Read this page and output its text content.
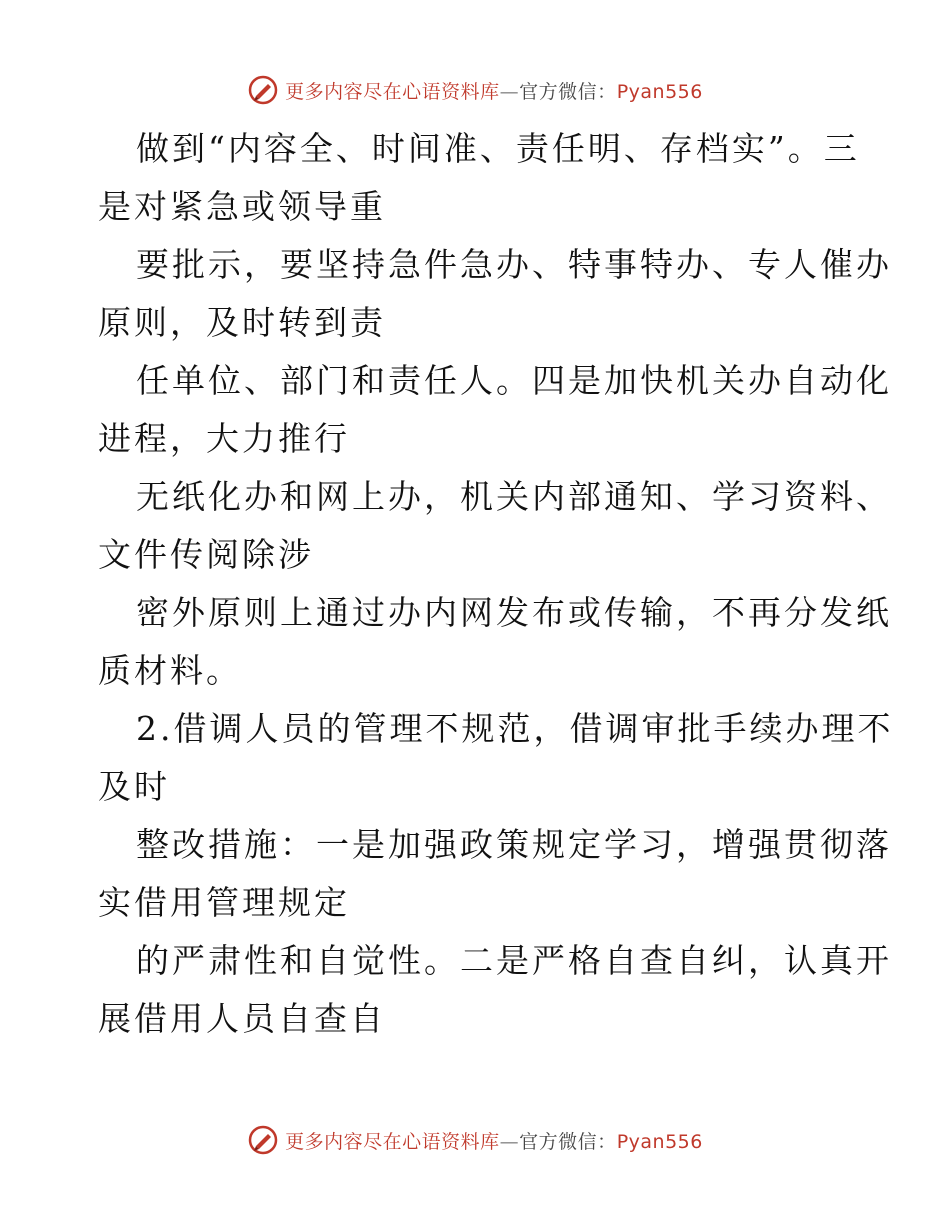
更多内容尽在心语资料库—官方微信：Pyan556

做到“内容全、时间准、责任明、存档实”。三

是对紧急或领导重

要批示，要坚持急件急办、特事特办、专人催办

原则，及时转到责

任单位、部门和责任人。四是加快机关办自动化

进程，大力推行

无纸化办和网上办，机关内部通知、学习资料、

文件传阅除涉

密外原则上通过办内网发布或传输，不再分发纸

质材料。

2.借调人员的管理不规范，借调审批手续办理不

及时

整改措施：一是加强政策规定学习，增强贯彻落

实借用管理规定

的严肃性和自觉性。二是严格自查自纠，认真开

展借用人员自查自

更多内容尽在心语资料库—官方微信：Pyan556
